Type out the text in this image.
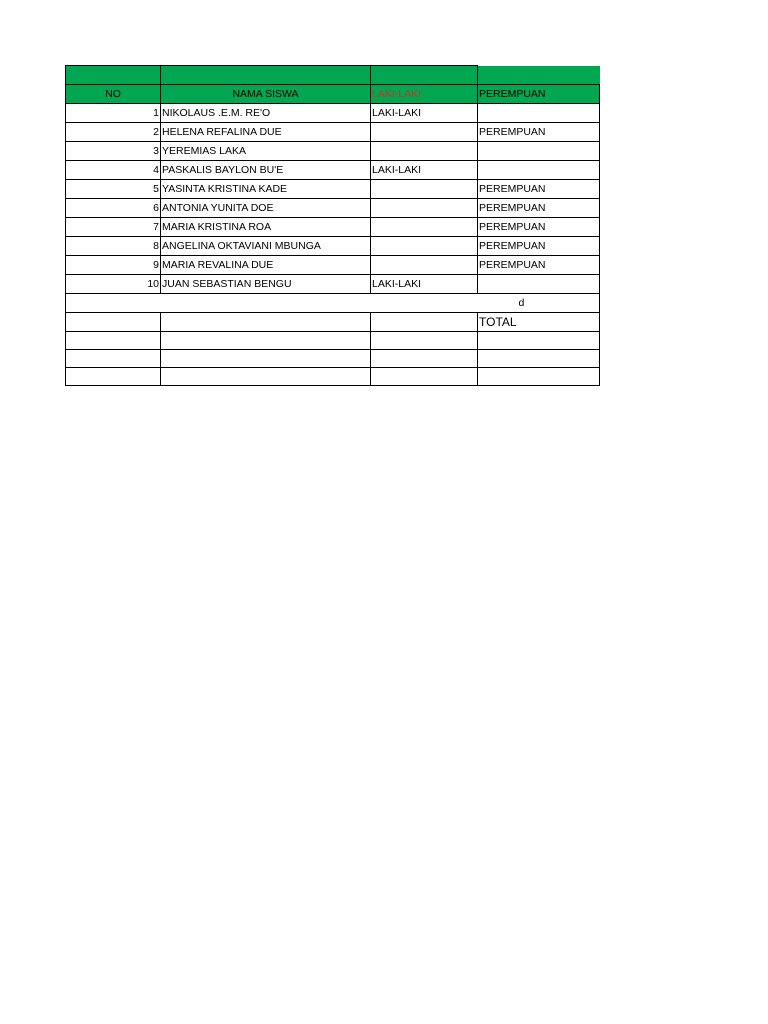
NO	NAMA SISWA	LAKI-LAKI	PEREMPUAN
1	NIKOLAUS .E.M. RE'O	LAKI-LAKI	
2	HELENA REFALINA DUE		PEREMPUAN
3	YEREMIAS LAKA		
4	PASKALIS BAYLON BU'E	LAKI-LAKI	
5	YASINTA KRISTINA KADE		PEREMPUAN
6	ANTONIA YUNITA DOE		PEREMPUAN
7	MARIA KRISTINA ROA		PEREMPUAN
8	ANGELINA OKTAVIANI MBUNGA		PEREMPUAN
9	MARIA REVALINA DUE		PEREMPUAN
10	JUAN SEBASTIAN BENGU	LAKI-LAKI	
			d
			TOTAL
